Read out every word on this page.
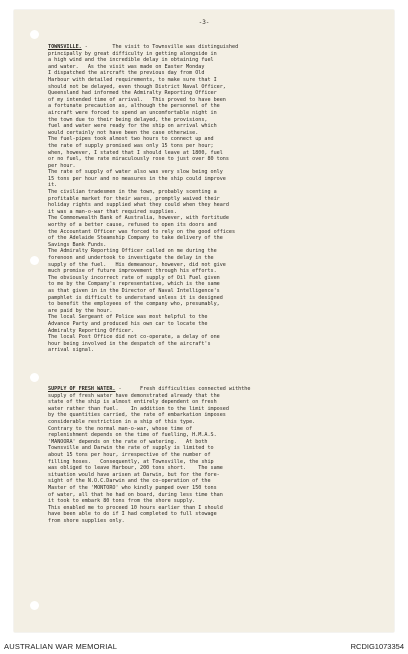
-3-
TOWNSVILLE. -        The visit to Townsville was distinguished
principally by great difficulty in getting alongside in
a high wind and the incredible delay in obtaining fuel
and water.   As the visit was made on Easter Monday
I dispatched the aircraft the previous day from Old
Harbour with detailed requirements, to make sure that I
should not be delayed, even though District Naval Officer,
Queensland had informed the Admiralty Reporting Officer
of my intended time of arrival.   This proved to have been
a fortunate precaution as, although the personnel of the
aircraft were forced to spend an uncomfortable night in
the town due to their being delayed, the provisions,
fuel and water were ready for the ship on arrival which
would certainly not have been the case otherwise.
The fuel-pipes took almost two hours to connect up and
the rate of supply promised was only 15 tons per hour;
when, however, I stated that I should leave at 1800, fuel
or no fuel, the rate miraculously rose to just over 80 tons
per hour.
The rate of supply of water also was very slow being only
15 tons per hour and no measures in the ship could improve
it.
The civilian tradesmen in the town, probably scenting a
profitable market for their wares, promptly waived their
holiday rights and supplied what they could when they heard
it was a man-o-war that required supplies.
The Commonwealth Bank of Australia, however, with fortitude
worthy of a better cause, refused to open its doors and
the Accountant Officer was forced to rely on the good offices
of the Adelaide Steamship Company to take delivery of the
Savings Bank Funds.
The Admiralty Reporting Officer called on me during the
forenoon and undertook to investigate the delay in the
supply of the fuel.   His demeanour, however, did not give
much promise of future improvement through his efforts.
The obviously incorrect rate of supply of Oil Fuel given
to me by the Company's representative, which is the same
as that given in in the Director of Naval Intelligence's
pamphlet is difficult to understand unless it is designed
to benefit the employees of the company who, presumably,
are paid by the hour.
The local Sergeant of Police was most helpful to the
Advance Party and produced his own car to locate the
Admiralty Reporting Officer.
The local Post Office did not co-operate, a delay of one
hour being involved in the despatch of the aircraft's
arrival signal.
SUPPLY OF FRESH WATER. -      Fresh difficulties connected withthe
supply of fresh water have demonstrated already that the
state of the ship is almost entirely dependent on fresh
water rather than fuel.    In addition to the limit imposed
by the quantities carried, the rate of embarkation imposes
considerable restriction in a ship of this type.
Contrary to the normal man-o-war, whose time of
replenishment depends on the time of fuelling, H.M.A.S.
'MANOORA' depends on the rate of watering.   At both
Townsville and Darwin the rate of supply is limited to
about 15 tons per hour, irrespective of the number of
filling hoses.   Consequently, at Townsville, the ship
was obliged to leave Harbour, 200 tons short.    The same
situation would have arisen at Darwin, but for the fore-
sight of the N.O.C.Darwin and the co-operation of the
Master of the 'MONTORO' who kindly pumped over 150 tons
of water, all that he had on board, during less time than
it took to embark 80 tons from the shore supply.
This enabled me to proceed 10 hours earlier than I should
have been able to do if I had completed to full stowage
from shore supplies only.
AUSTRALIAN WAR MEMORIAL	RCDIG1073354
